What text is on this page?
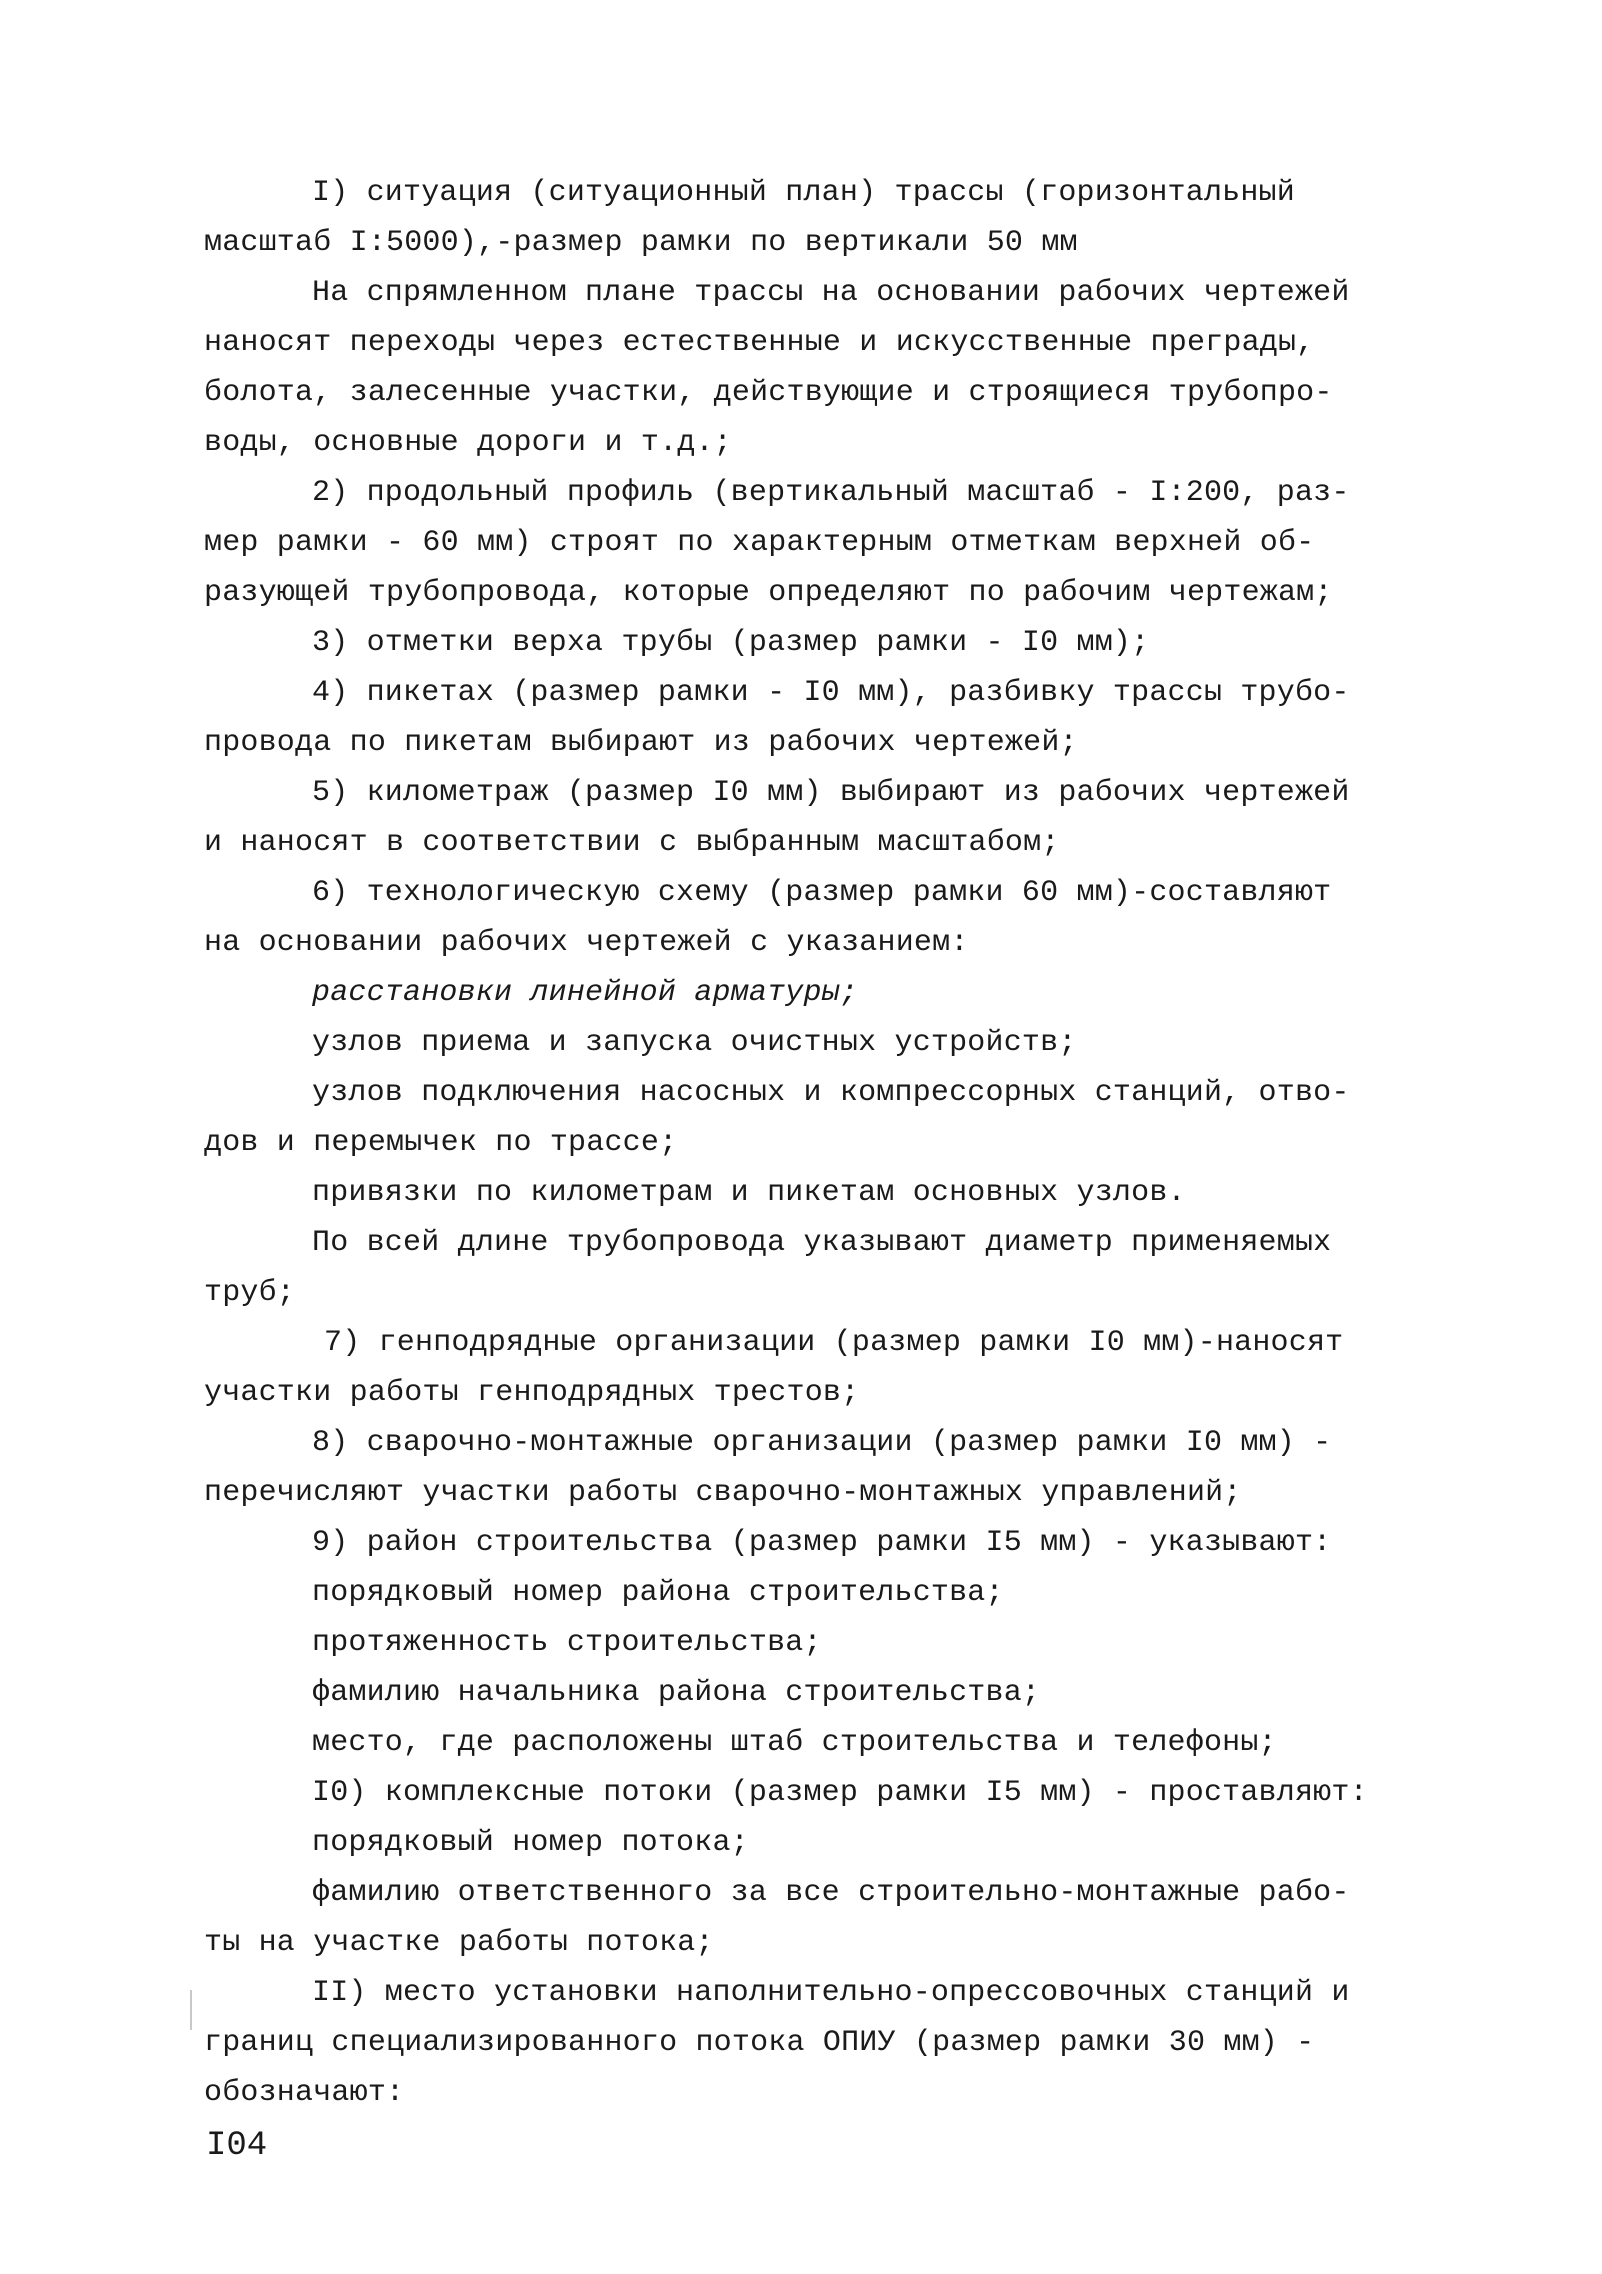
I) ситуация (ситуационный план) трассы (горизонтальный
масштаб I:5000),-размер рамки по вертикали 50 мм
На спрямленном плане трассы на основании рабочих чертежей
наносят переходы через естественные и искусственные преграды,
болота, залесенные участки, действующие и строящиеся трубопро-
воды, основные дороги и т.д.;
2) продольный профиль (вертикальный масштаб - I:200, раз-
мер рамки - 60 мм) строят по характерным отметкам верхней об-
разующей трубопровода, которые определяют по рабочим чертежам;
3) отметки верха трубы (размер рамки - I0 мм);
4) пикетах (размер рамки - I0 мм), разбивку трассы трубо-
провода по пикетам выбирают из рабочих чертежей;
5) километраж (размер I0 мм) выбирают из рабочих чертежей
и наносят в соответствии с выбранным масштабом;
6) технологическую схему (размер рамки 60 мм)-составляют
на основании рабочих чертежей с указанием:
расстановки линейной арматуры;
узлов приема и запуска очистных устройств;
узлов подключения насосных и компрессорных станций, отво-
дов и перемычек по трассе;
привязки по километрам и пикетам основных узлов.
По всей длине трубопровода указывают диаметр применяемых
труб;
7) генподрядные организации (размер рамки I0 мм)-наносят
участки работы генподрядных трестов;
8) сварочно-монтажные организации (размер рамки I0 мм) -
перечисляют участки работы сварочно-монтажных управлений;
9) район строительства (размер рамки I5 мм) - указывают:
порядковый номер района строительства;
протяженность строительства;
фамилию начальника района строительства;
место, где расположены штаб строительства и телефоны;
I0) комплексные потоки (размер рамки I5 мм) - проставляют:
порядковый номер потока;
фамилию ответственного за все строительно-монтажные рабо-
ты на участке работы потока;
II) место установки наполнительно-опрессовочных станций и
границ специализированного потока ОПИУ (размер рамки 30 мм) -
обозначают:
I04
